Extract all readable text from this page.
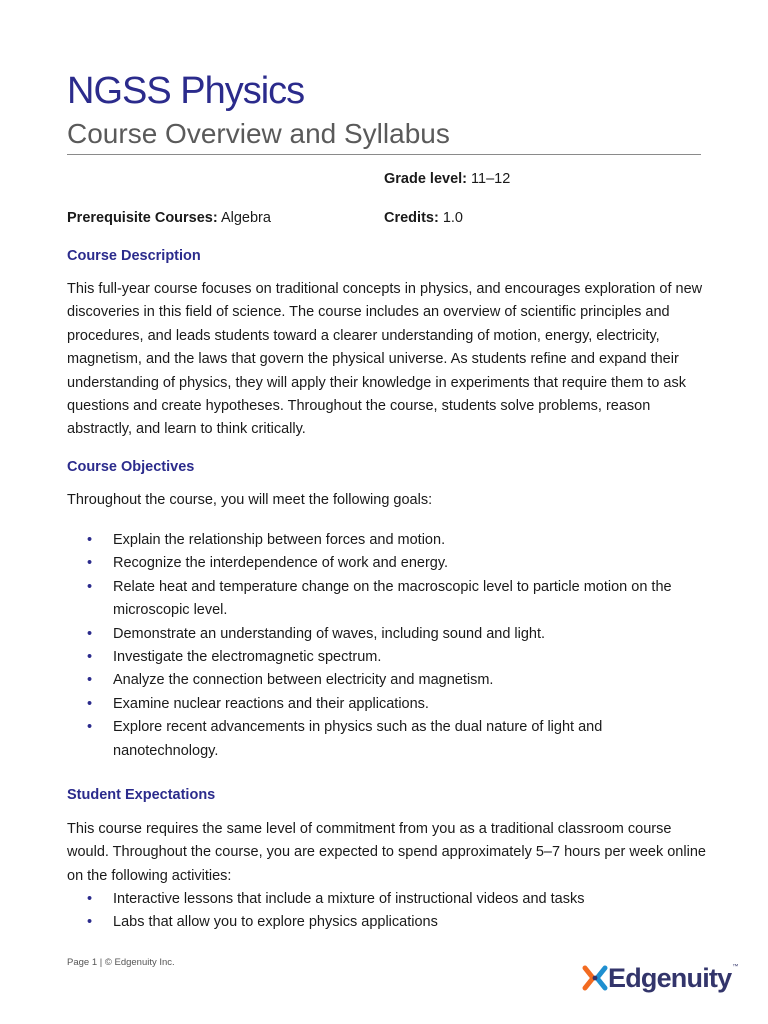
NGSS Physics
Course Overview and Syllabus
Grade level: 11–12
Prerequisite Courses: Algebra	Credits: 1.0
Course Description

This full-year course focuses on traditional concepts in physics, and encourages exploration of new discoveries in this field of science. The course includes an overview of scientific principles and procedures, and leads students toward a clearer understanding of motion, energy, electricity, magnetism, and the laws that govern the physical universe. As students refine and expand their understanding of physics, they will apply their knowledge in experiments that require them to ask questions and create hypotheses. Throughout the course, students solve problems, reason abstractly, and learn to think critically.

Course Objectives

Throughout the course, you will meet the following goals:

• Explain the relationship between forces and motion.
• Recognize the interdependence of work and energy.
• Relate heat and temperature change on the macroscopic level to particle motion on the microscopic level.
• Demonstrate an understanding of waves, including sound and light.
• Investigate the electromagnetic spectrum.
• Analyze the connection between electricity and magnetism.
• Examine nuclear reactions and their applications.
• Explore recent advancements in physics such as the dual nature of light and nanotechnology.
Student Expectations

This course requires the same level of commitment from you as a traditional classroom course would. Throughout the course, you are expected to spend approximately 5–7 hours per week online on the following activities:

• Interactive lessons that include a mixture of instructional videos and tasks
• Labs that allow you to explore physics applications
Page 1 | © Edgenuity Inc.	Edgenuity ™
